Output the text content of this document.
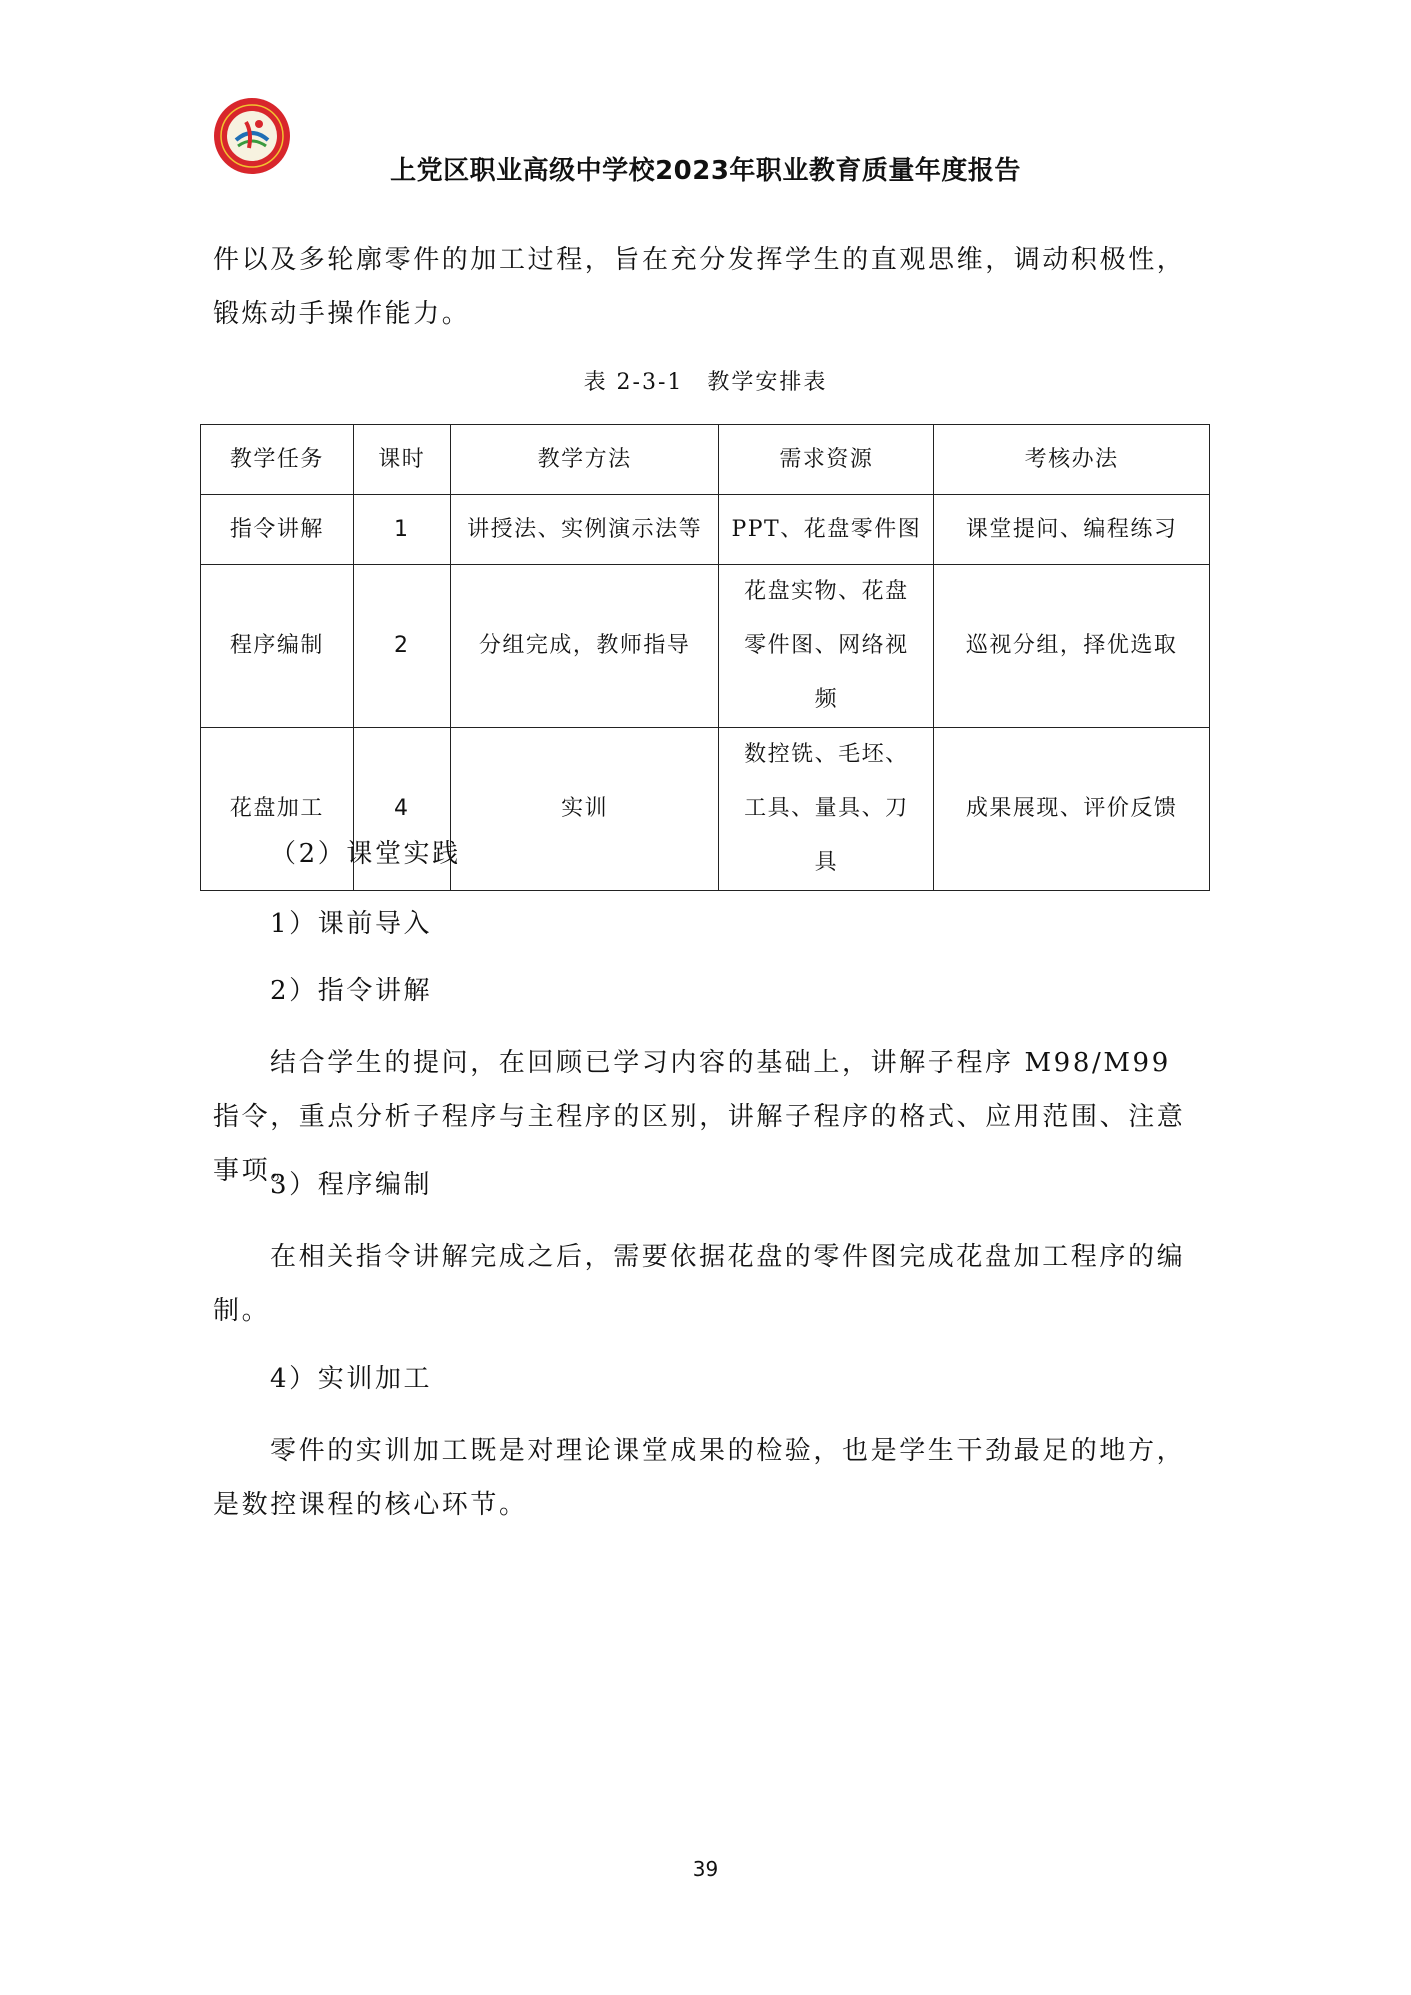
上党区职业高级中学校2023年职业教育质量年度报告
件以及多轮廓零件的加工过程，旨在充分发挥学生的直观思维，调动积极性，锻炼动手操作能力。
表 2-3-1　教学安排表
教学任务	课时	教学方法	需求资源	考核办法
指令讲解	1	讲授法、实例演示法等	PPT、花盘零件图	课堂提问、编程练习
程序编制	2	分组完成，教师指导	花盘实物、花盘零件图、网络视频	巡视分组，择优选取
花盘加工	4	实训	数控铣、毛坯、工具、量具、刀具	成果展现、评价反馈
（2）课堂实践
1）课前导入
2）指令讲解
结合学生的提问，在回顾已学习内容的基础上，讲解子程序 M98/M99 指令，重点分析子程序与主程序的区别，讲解子程序的格式、应用范围、注意事项。
3）程序编制
在相关指令讲解完成之后，需要依据花盘的零件图完成花盘加工程序的编制。
4）实训加工
零件的实训加工既是对理论课堂成果的检验，也是学生干劲最足的地方，是数控课程的核心环节。
39
